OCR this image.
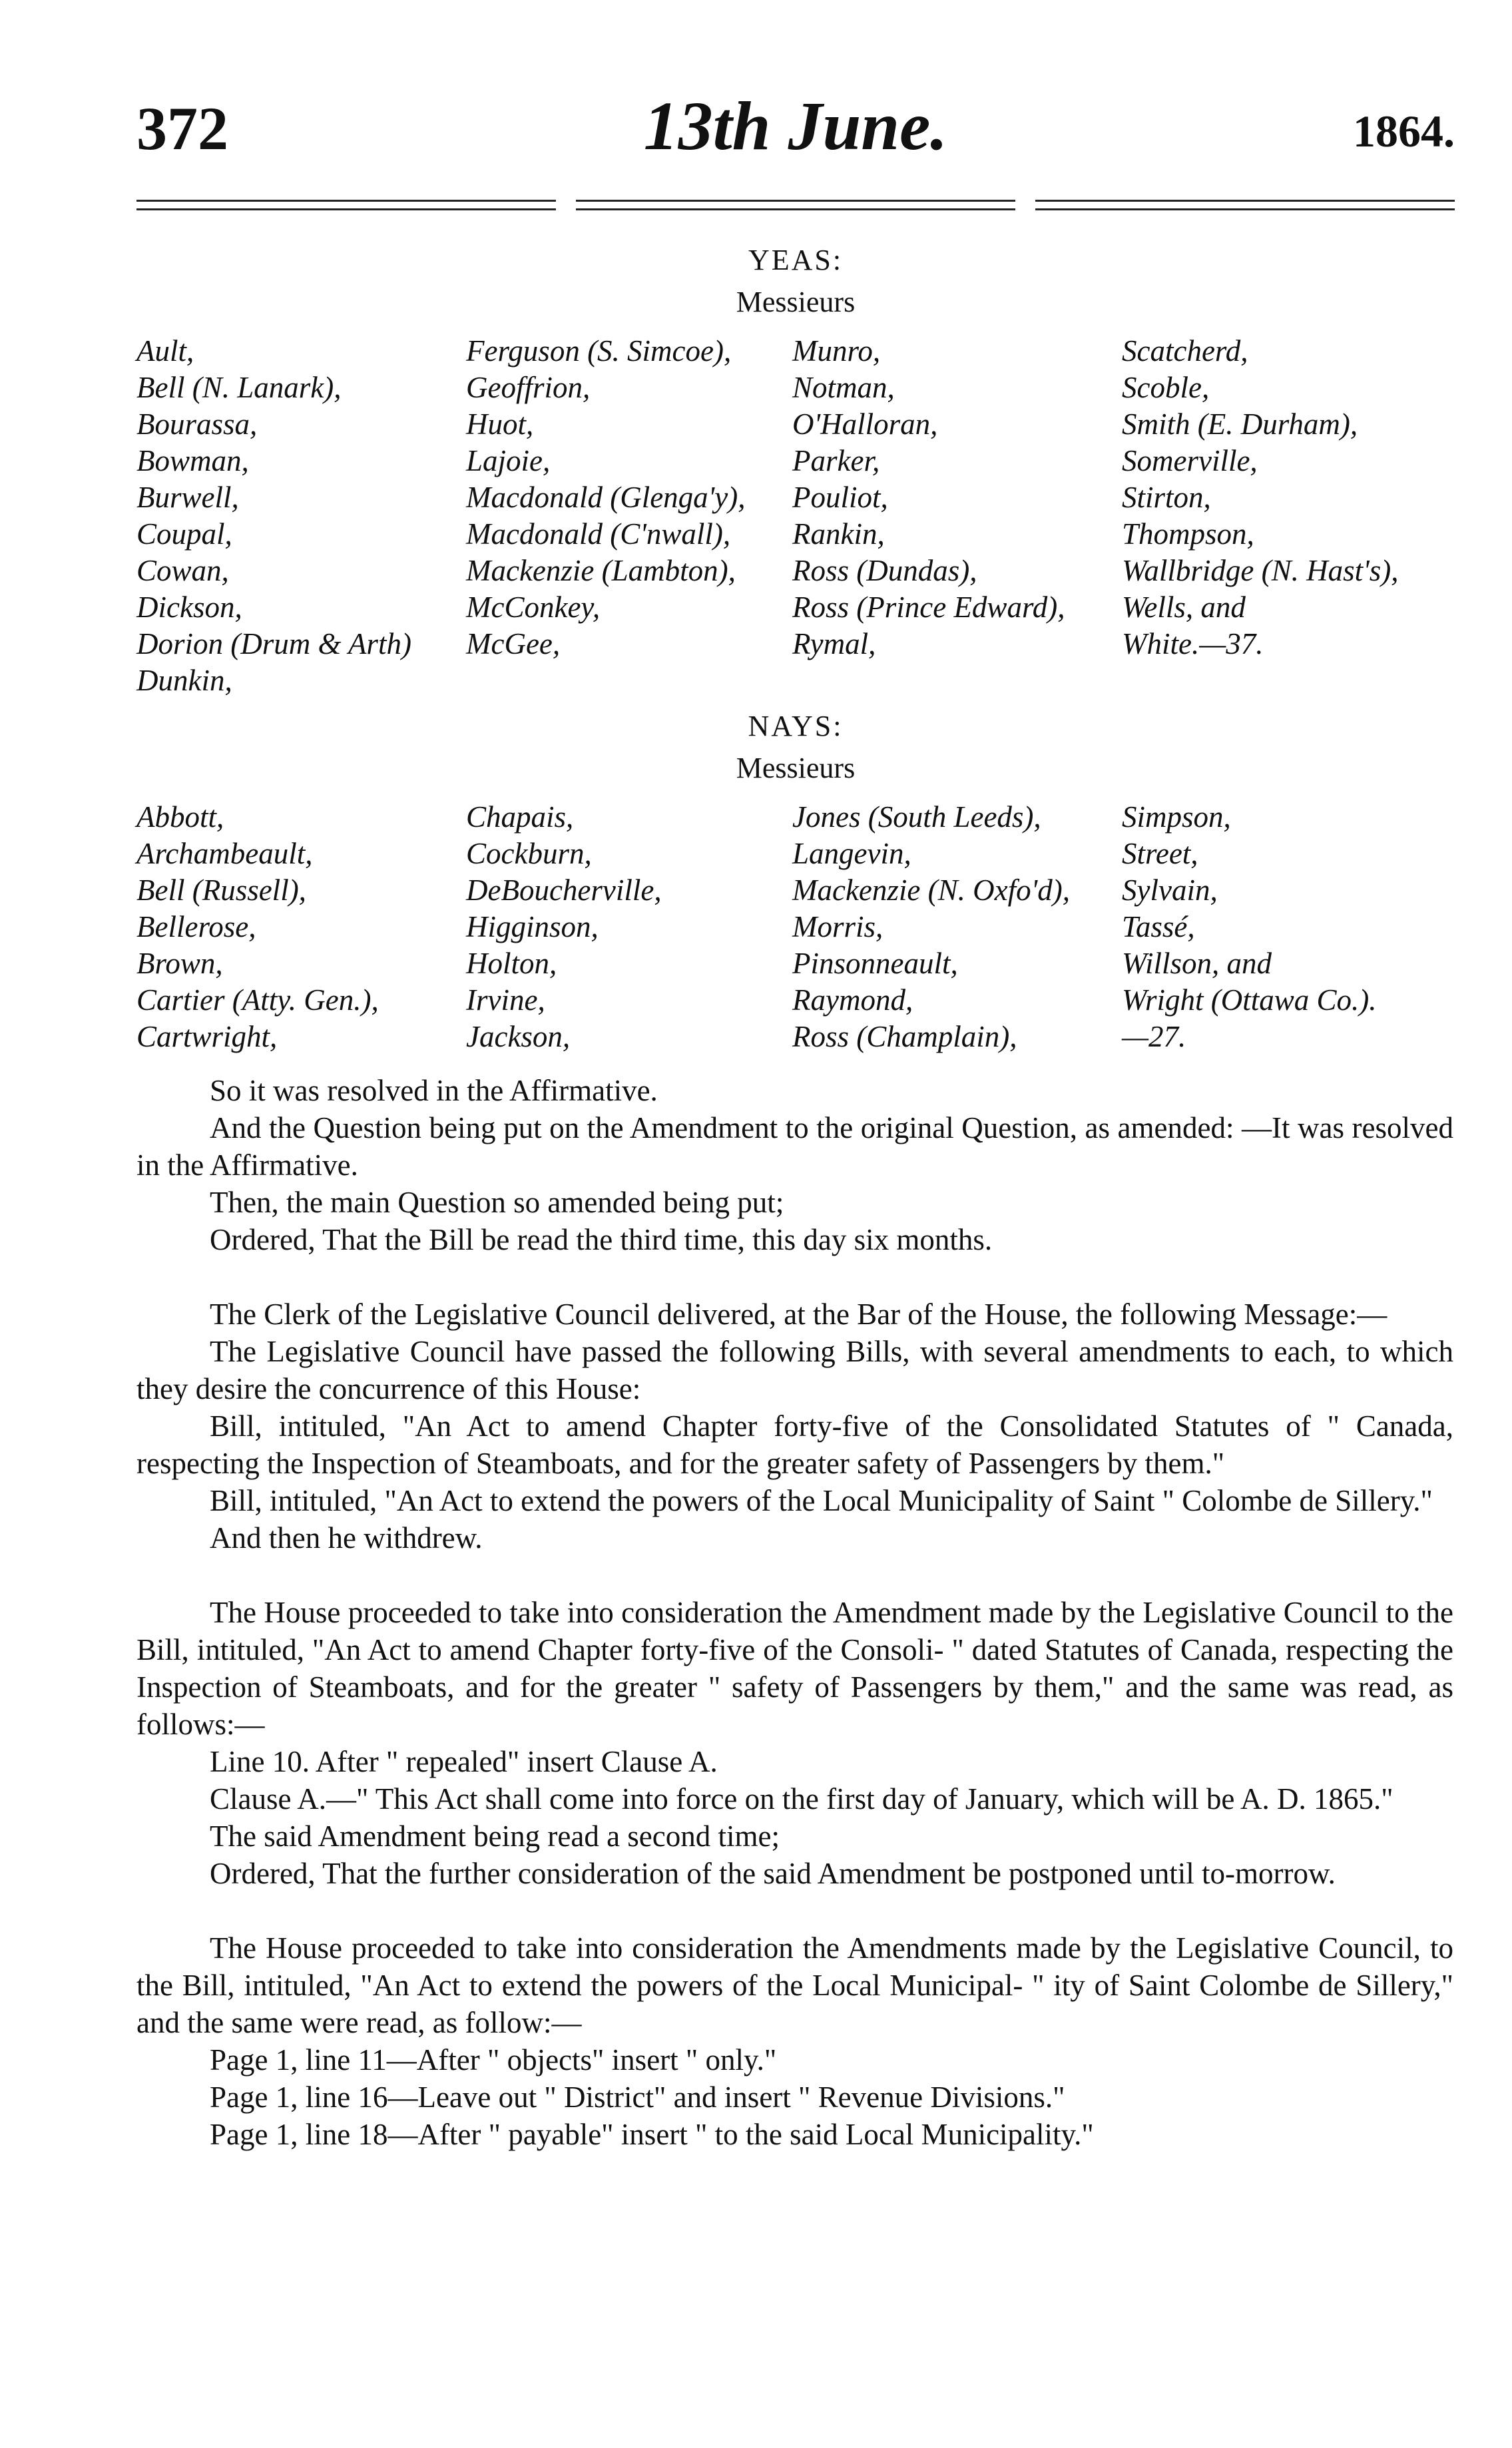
372	13th June.	1864.
YEAS:
Messieurs
Ault,
Bell (N. Lanark),
Bourassa,
Bowman,
Burwell,
Coupal,
Cowan,
Dickson,
Dorion (Drum & Arth)
Dunkin,
Ferguson (S. Simcoe),
Geoffrion,
Huot,
Lajoie,
Macdonald (Glenga'y),
Macdonald (C'nwall),
Mackenzie (Lambton),
McConkey,
McGee,
Munro,
Notman,
O'Halloran,
Parker,
Pouliot,
Rankin,
Ross (Dundas),
Ross (Prince Edward),
Rymal,
Scatcherd,
Scoble,
Smith (E. Durham),
Somerville,
Stirton,
Thompson,
Wallbridge (N. Hast's),
Wells, and
White.—37.
NAYS:
Messieurs
Abbott,
Archambeault,
Bell (Russell),
Bellerose,
Brown,
Cartier (Atty. Gen.),
Cartwright,
Chapais,
Cockburn,
DeBoucherville,
Higginson,
Holton,
Irvine,
Jackson,
Jones (South Leeds),
Langevin,
Mackenzie (N. Oxfo'd),
Morris,
Pinsonneault,
Raymond,
Ross (Champlain),
Simpson,
Street,
Sylvain,
Tassé,
Willson, and
Wright (Ottawa Co.).
—27.

So it was resolved in the Affirmative.

And the Question being put on the Amendment to the original Question, as amended: —It was resolved in the Affirmative.

Then, the main Question so amended being put;

Ordered, That the Bill be read the third time, this day six months.

The Clerk of the Legislative Council delivered, at the Bar of the House, the following Message:—

The Legislative Council have passed the following Bills, with several amendments to each, to which they desire the concurrence of this House:

Bill, intituled, "An Act to amend Chapter forty-five of the Consolidated Statutes of " Canada, respecting the Inspection of Steamboats, and for the greater safety of Passengers by them."

Bill, intituled, "An Act to extend the powers of the Local Municipality of Saint " Colombe de Sillery."

And then he withdrew.

The House proceeded to take into consideration the Amendment made by the Legislative Council to the Bill, intituled, "An Act to amend Chapter forty-five of the Consoli- " dated Statutes of Canada, respecting the Inspection of Steamboats, and for the greater " safety of Passengers by them," and the same was read, as follows:—

Line 10. After " repealed" insert Clause A.

Clause A.—" This Act shall come into force on the first day of January, which will be A. D. 1865."

The said Amendment being read a second time;

Ordered, That the further consideration of the said Amendment be postponed until to-morrow.

The House proceeded to take into consideration the Amendments made by the Legislative Council, to the Bill, intituled, "An Act to extend the powers of the Local Municipal- " ity of Saint Colombe de Sillery," and the same were read, as follow:—

Page 1, line 11—After " objects" insert " only."

Page 1, line 16—Leave out " District" and insert " Revenue Divisions."

Page 1, line 18—After " payable" insert " to the said Local Municipality."
